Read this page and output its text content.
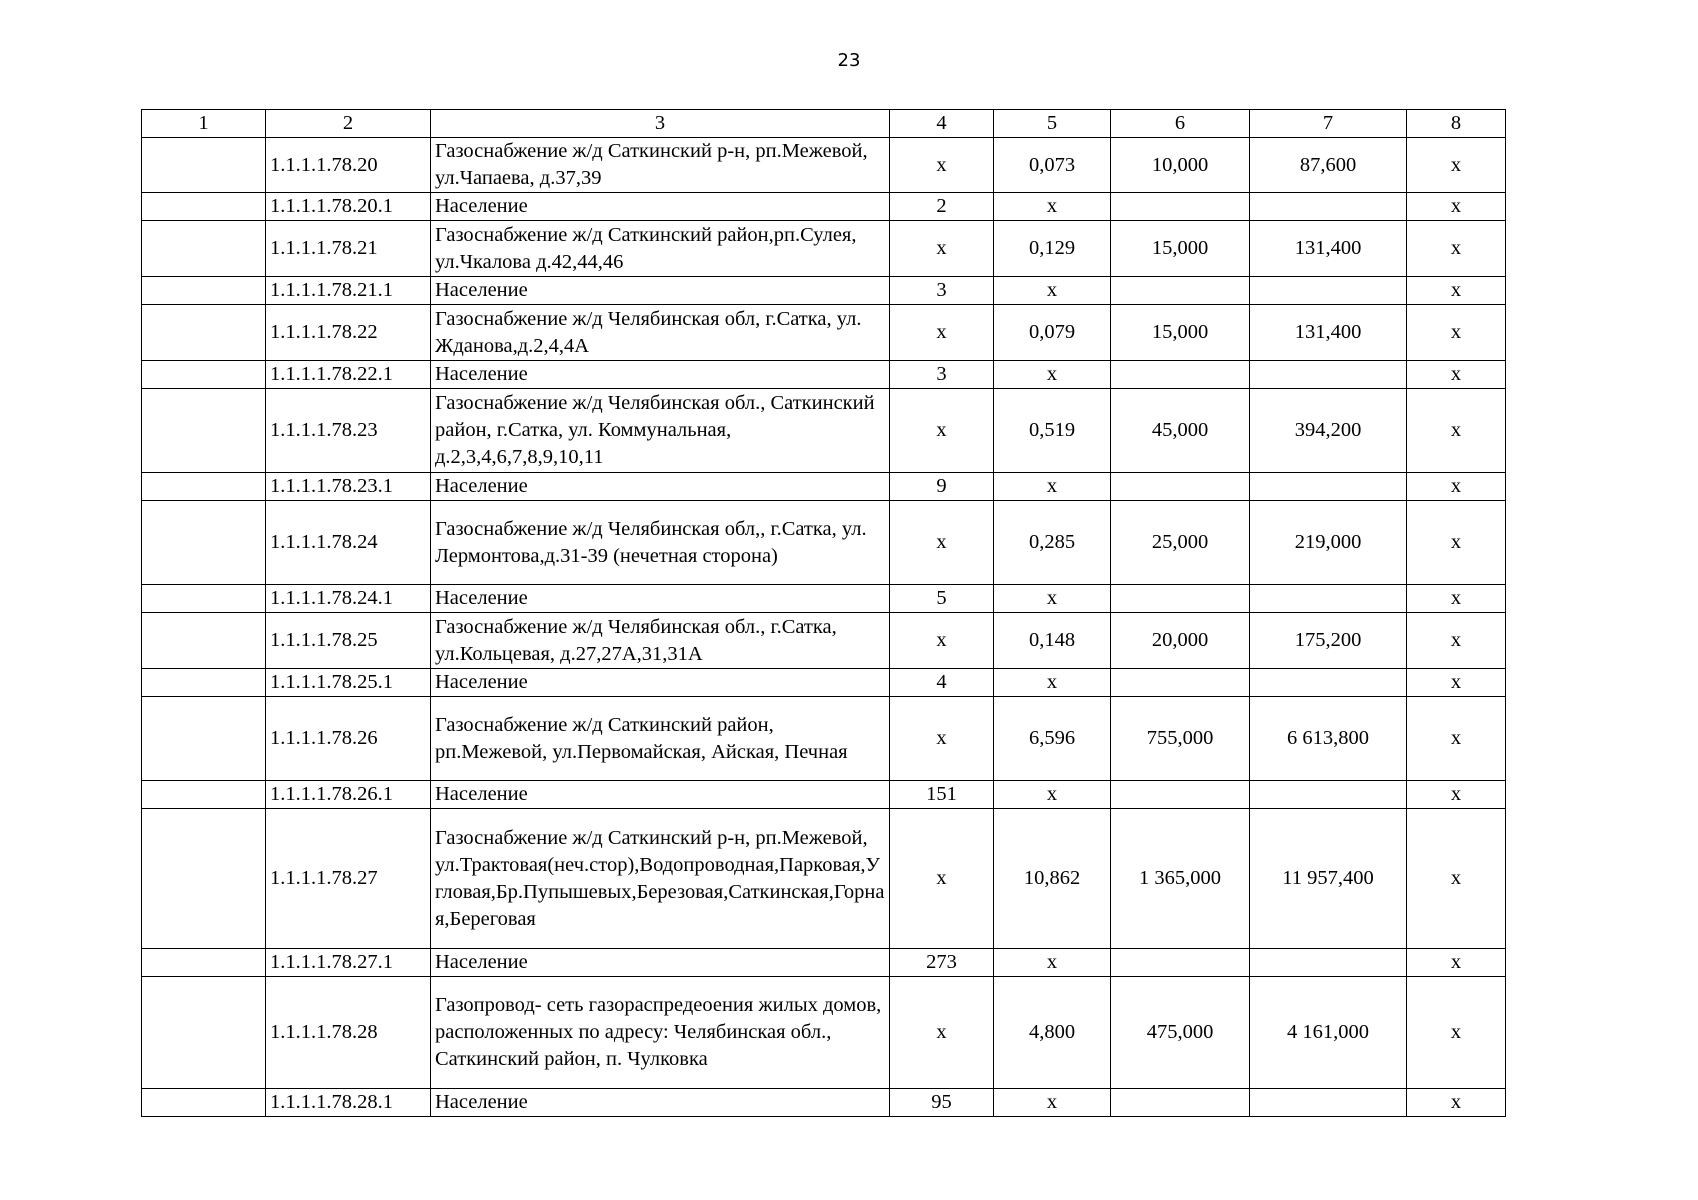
23
1	2	3	4	5	6	7	8
	1.1.1.1.78.20	Газоснабжение ж/д Саткинский р-н, рп.Межевой, ул.Чапаева, д.37,39	х	0,073	10,000	87,600	х
	1.1.1.1.78.20.1	Население	2	х			х
	1.1.1.1.78.21	Газоснабжение ж/д Саткинский район,рп.Сулея, ул.Чкалова д.42,44,46	х	0,129	15,000	131,400	х
	1.1.1.1.78.21.1	Население	3	х			х
	1.1.1.1.78.22	Газоснабжение ж/д Челябинская обл, г.Сатка, ул. Жданова,д.2,4,4А	х	0,079	15,000	131,400	х
	1.1.1.1.78.22.1	Население	3	х			х
	1.1.1.1.78.23	Газоснабжение ж/д Челябинская обл., Саткинский район, г.Сатка, ул. Коммунальная, д.2,3,4,6,7,8,9,10,11	х	0,519	45,000	394,200	х
	1.1.1.1.78.23.1	Население	9	х			х
	1.1.1.1.78.24	Газоснабжение ж/д Челябинская обл,, г.Сатка, ул. Лермонтова,д.31-39 (нечетная сторона)	х	0,285	25,000	219,000	х
	1.1.1.1.78.24.1	Население	5	х			х
	1.1.1.1.78.25	Газоснабжение ж/д Челябинская обл., г.Сатка, ул.Кольцевая, д.27,27А,31,31А	х	0,148	20,000	175,200	х
	1.1.1.1.78.25.1	Население	4	х			х
	1.1.1.1.78.26	Газоснабжение ж/д Саткинский район, рп.Межевой, ул.Первомайская, Айская, Печная	х	6,596	755,000	6 613,800	х
	1.1.1.1.78.26.1	Население	151	х			х
	1.1.1.1.78.27	Газоснабжение ж/д Саткинский р-н, рп.Межевой, ул.Трактовая(неч.стор),Водопроводная,Парковая,Угловая,Бр.Пупышевых,Березовая,Саткинская,Горная,Береговая	х	10,862	1 365,000	11 957,400	х
	1.1.1.1.78.27.1	Население	273	х			х
	1.1.1.1.78.28	Газопровод- сеть газораспредеоения жилых домов, расположенных по адресу: Челябинская обл., Саткинский район, п. Чулковка	х	4,800	475,000	4 161,000	х
	1.1.1.1.78.28.1	Население	95	х			х
